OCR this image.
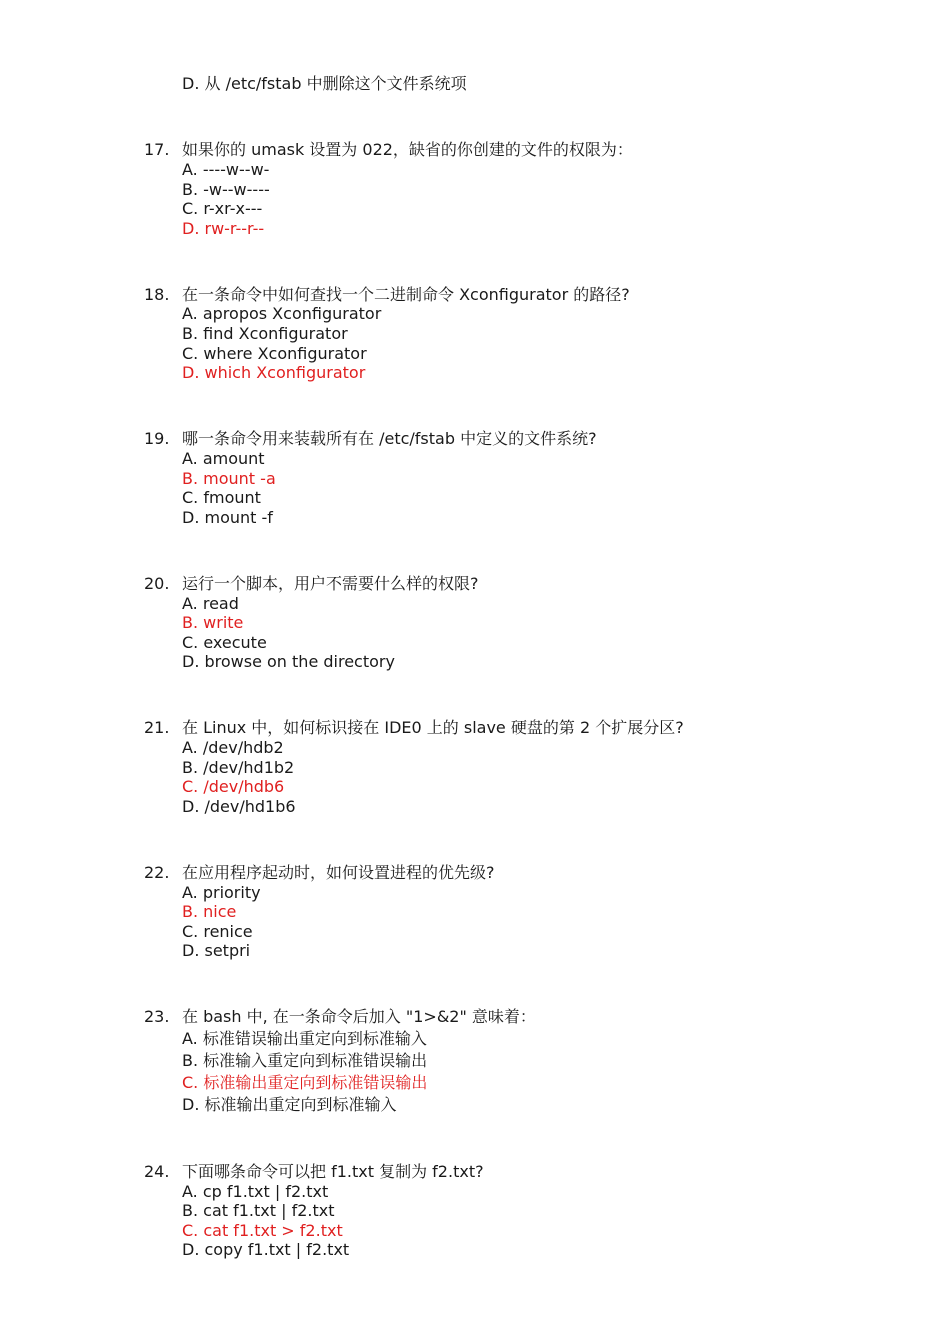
D. 从 /etc/fstab 中删除这个文件系统项
17. 如果你的 umask 设置为 022，缺省的你创建的文件的权限为：
A. ----w--w-
B. -w--w----
C. r-xr-x---
D. rw-r--r--
18. 在一条命令中如何查找一个二进制命令 Xconfigurator 的路径?
A. apropos Xconfigurator
B. find Xconfigurator
C. where Xconfigurator
D. which Xconfigurator
19. 哪一条命令用来装载所有在 /etc/fstab 中定义的文件系统?
A. amount
B. mount -a
C. fmount
D. mount -f
20. 运行一个脚本，用户不需要什么样的权限?
A. read
B. write
C. execute
D. browse on the directory
21. 在 Linux 中，如何标识接在 IDE0 上的 slave 硬盘的第 2 个扩展分区?
A. /dev/hdb2
B. /dev/hd1b2
C. /dev/hdb6
D. /dev/hd1b6
22. 在应用程序起动时，如何设置进程的优先级?
A. priority
B. nice
C. renice
D. setpri
23. 在 bash 中, 在一条命令后加入 "1>&2" 意味着：
A. 标准错误输出重定向到标准输入
B. 标准输入重定向到标准错误输出
C. 标准输出重定向到标准错误输出
D. 标准输出重定向到标准输入
24. 下面哪条命令可以把 f1.txt 复制为 f2.txt?
A. cp f1.txt | f2.txt
B. cat f1.txt | f2.txt
C. cat f1.txt > f2.txt
D. copy f1.txt | f2.txt
